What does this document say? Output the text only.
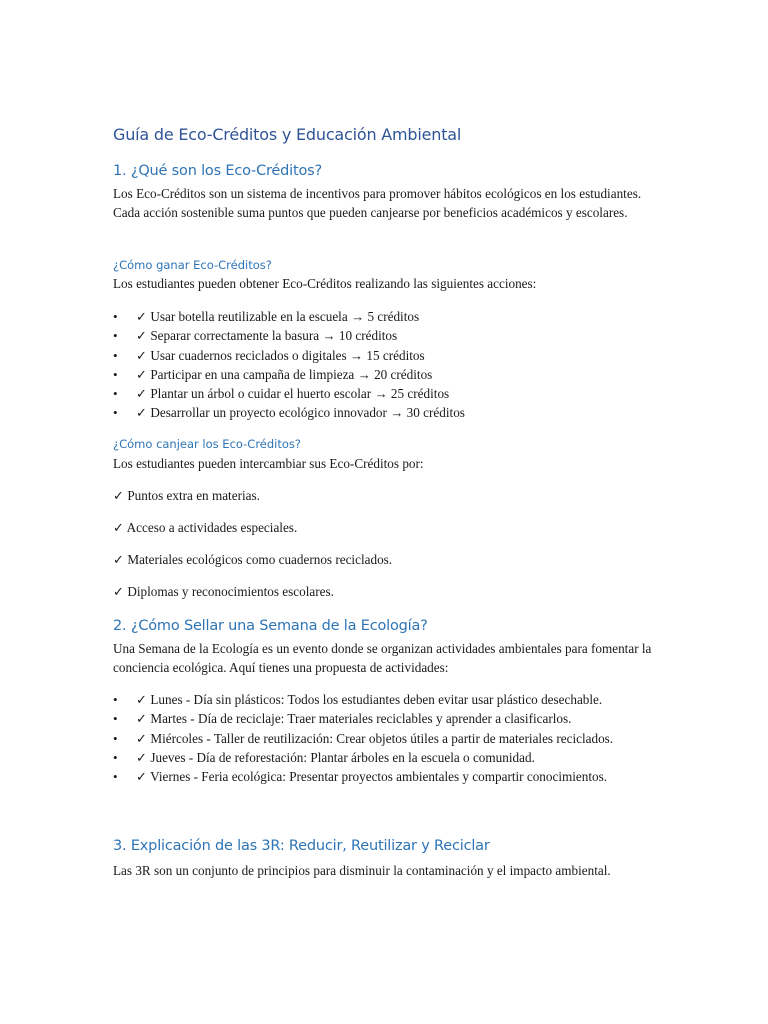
Guía de Eco-Créditos y Educación Ambiental
1. ¿Qué son los Eco-Créditos?
Los Eco-Créditos son un sistema de incentivos para promover hábitos ecológicos en los estudiantes. Cada acción sostenible suma puntos que pueden canjearse por beneficios académicos y escolares.
¿Cómo ganar Eco-Créditos?
Los estudiantes pueden obtener Eco-Créditos realizando las siguientes acciones:
• ✓ Usar botella reutilizable en la escuela → 5 créditos
• ✓ Separar correctamente la basura → 10 créditos
• ✓ Usar cuadernos reciclados o digitales → 15 créditos
• ✓ Participar en una campaña de limpieza → 20 créditos
• ✓ Plantar un árbol o cuidar el huerto escolar → 25 créditos
• ✓ Desarrollar un proyecto ecológico innovador → 30 créditos
¿Cómo canjear los Eco-Créditos?
Los estudiantes pueden intercambiar sus Eco-Créditos por:
✓ Puntos extra en materias.
✓ Acceso a actividades especiales.
✓ Materiales ecológicos como cuadernos reciclados.
✓ Diplomas y reconocimientos escolares.
2. ¿Cómo Sellar una Semana de la Ecología?
Una Semana de la Ecología es un evento donde se organizan actividades ambientales para fomentar la conciencia ecológica. Aquí tienes una propuesta de actividades:
• ✓ Lunes - Día sin plásticos: Todos los estudiantes deben evitar usar plástico desechable.
• ✓ Martes - Día de reciclaje: Traer materiales reciclables y aprender a clasificarlos.
• ✓ Miércoles - Taller de reutilización: Crear objetos útiles a partir de materiales reciclados.
• ✓ Jueves - Día de reforestación: Plantar árboles en la escuela o comunidad.
• ✓ Viernes - Feria ecológica: Presentar proyectos ambientales y compartir conocimientos.
3. Explicación de las 3R: Reducir, Reutilizar y Reciclar
Las 3R son un conjunto de principios para disminuir la contaminación y el impacto ambiental.
